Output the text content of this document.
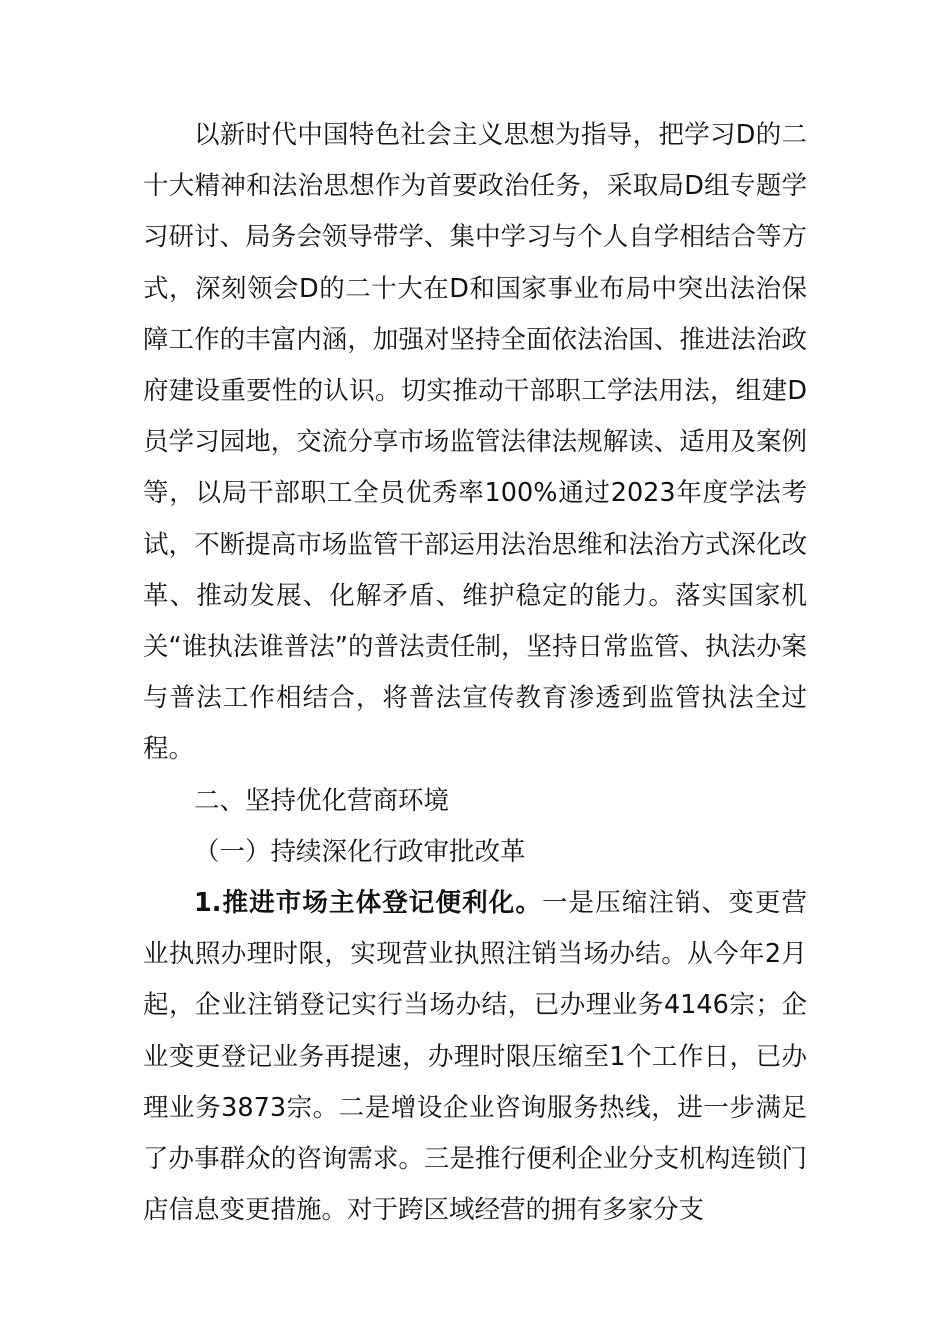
以新时代中国特色社会主义思想为指导，把学习D的二十大精神和法治思想作为首要政治任务，采取局D组专题学习研讨、局务会领导带学、集中学习与个人自学相结合等方式，深刻领会D的二十大在D和国家事业布局中突出法治保障工作的丰富内涵，加强对坚持全面依法治国、推进法治政府建设重要性的认识。切实推动干部职工学法用法，组建D员学习园地，交流分享市场监管法律法规解读、适用及案例等，以局干部职工全员优秀率100%通过2023年度学法考试，不断提高市场监管干部运用法治思维和法治方式深化改革、推动发展、化解矛盾、维护稳定的能力。落实国家机关“谁执法谁普法”的普法责任制，坚持日常监管、执法办案与普法工作相结合，将普法宣传教育渗透到监管执法全过程。

二、坚持优化营商环境

（一）持续深化行政审批改革

1.推进市场主体登记便利化。一是压缩注销、变更营业执照办理时限，实现营业执照注销当场办结。从今年2月起，企业注销登记实行当场办结，已办理业务4146宗；企业变更登记业务再提速，办理时限压缩至1个工作日，已办理业务3873宗。二是增设企业咨询服务热线，进一步满足了办事群众的咨询需求。三是推行便利企业分支机构连锁门店信息变更措施。对于跨区域经营的拥有多家分支
